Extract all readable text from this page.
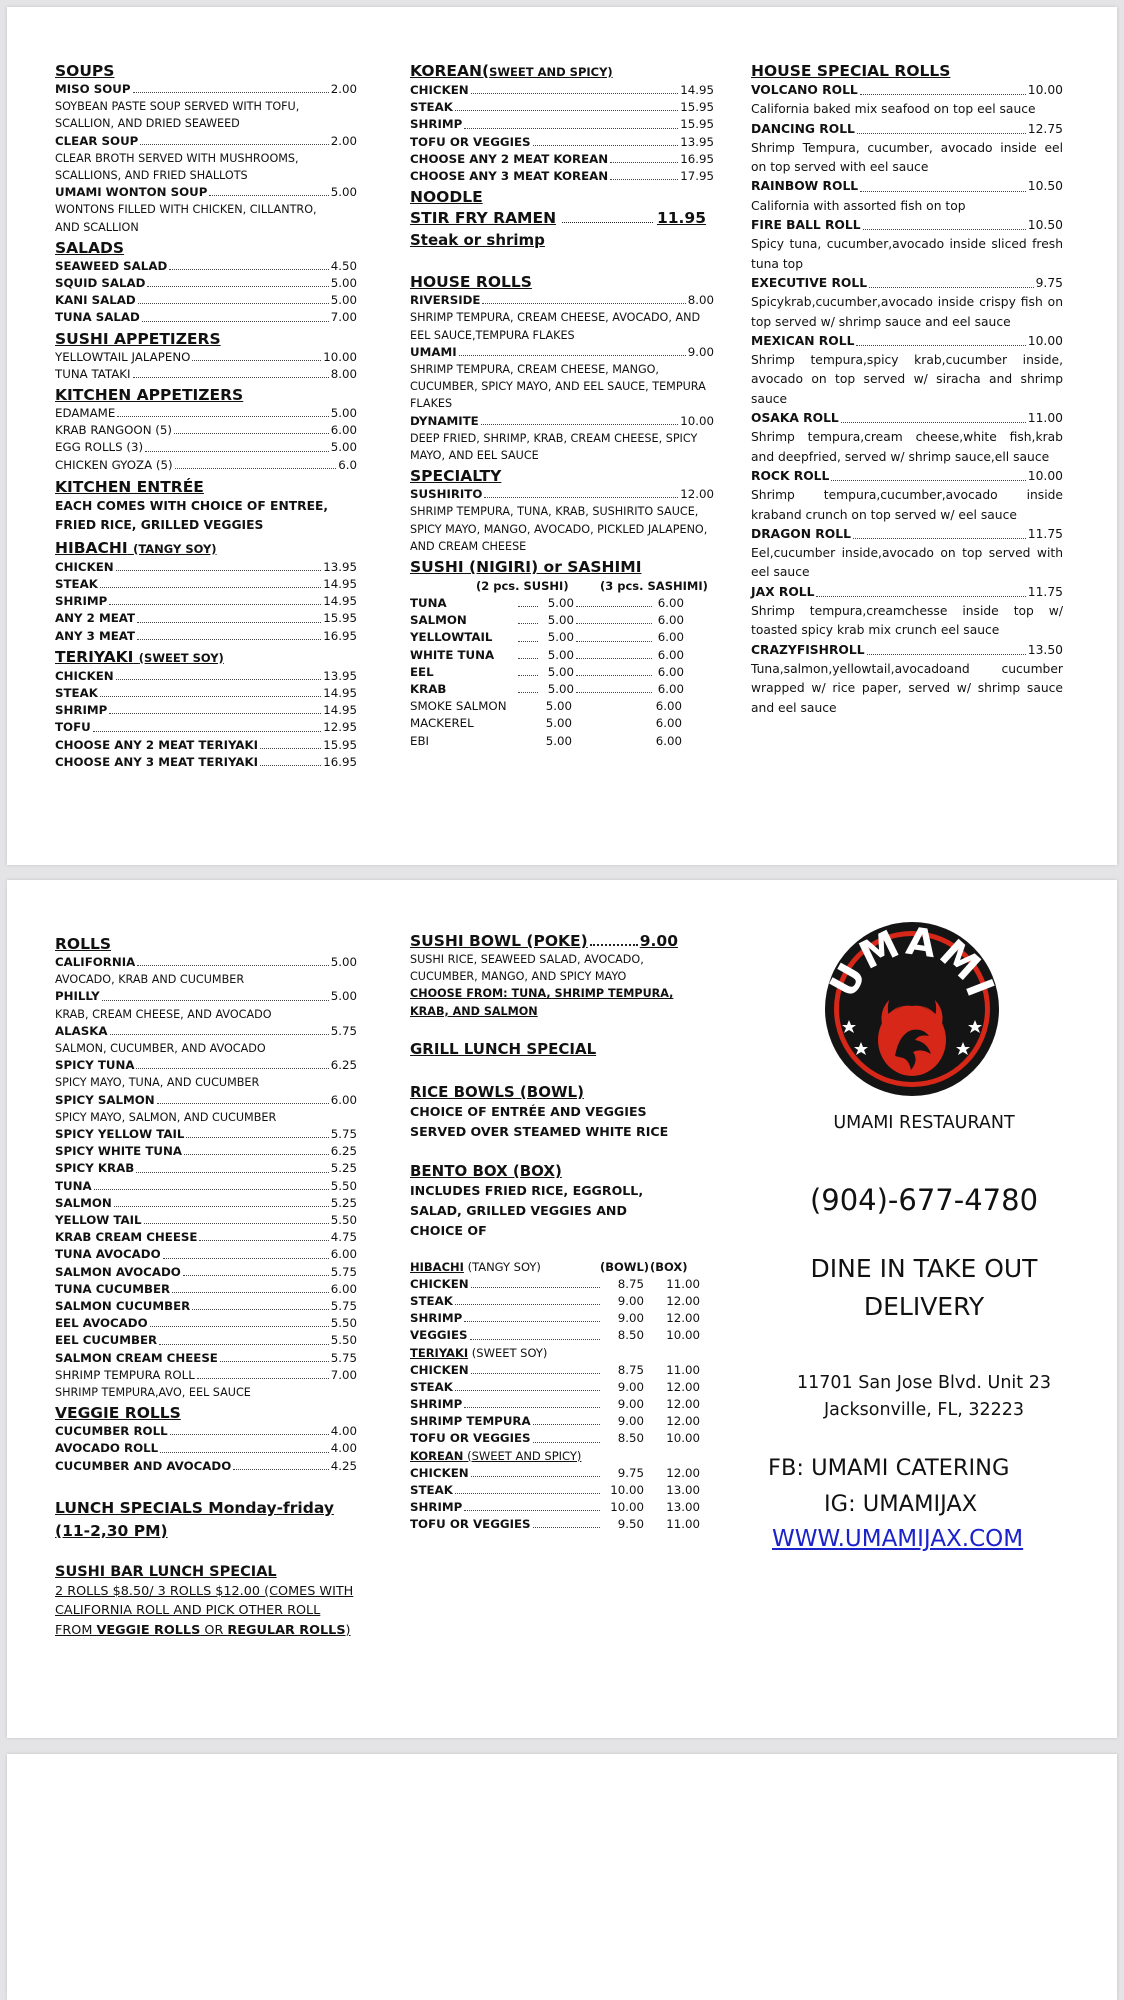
SOUPS
MISO SOUP	2.00
SOYBEAN PASTE SOUP SERVED WITH TOFU, SCALLION, AND DRIED SEAWEED
CLEAR SOUP	2.00
CLEAR BROTH SERVED WITH MUSHROOMS, SCALLIONS, AND FRIED SHALLOTS
UMAMI WONTON SOUP	5.00
WONTONS FILLED WITH CHICKEN, CILLANTRO,
AND SCALLION
SALADS
SEAWEED SALAD	4.50
SQUID SALAD	5.00
KANI SALAD	5.00
TUNA SALAD	7.00
SUSHI APPETIZERS
YELLOWTAIL JALAPENO	10.00
TUNA TATAKI	8.00
KITCHEN APPETIZERS
EDAMAME	5.00
KRAB RANGOON (5)	6.00
EGG ROLLS (3)	5.00
CHICKEN GYOZA (5)	6.0
KITCHEN ENTRÉE
EACH COMES WITH CHOICE OF ENTREE, FRIED RICE, GRILLED VEGGIES
HIBACHI (TANGY SOY)
CHICKEN	13.95
STEAK	14.95
SHRIMP	14.95
ANY 2 MEAT	15.95
ANY 3 MEAT	16.95
TERIYAKI (SWEET SOY)
CHICKEN	13.95
STEAK	14.95
SHRIMP	14.95
TOFU	12.95
CHOOSE ANY 2 MEAT TERIYAKI	15.95
CHOOSE ANY 3 MEAT TERIYAKI	16.95
KOREAN(SWEET AND SPICY)
CHICKEN	14.95
STEAK	15.95
SHRIMP	15.95
TOFU OR VEGGIES	13.95
CHOOSE ANY 2 MEAT KOREAN	16.95
CHOOSE ANY 3 MEAT KOREAN	17.95
NOODLE
STIR FRY RAMEN	11.95
Steak or shrimp
HOUSE ROLLS
RIVERSIDE	8.00
SHRIMP TEMPURA, CREAM CHEESE, AVOCADO, AND EEL SAUCE,TEMPURA FLAKES
UMAMI	9.00
SHRIMP TEMPURA, CREAM CHEESE, MANGO, CUCUMBER, SPICY MAYO, AND EEL SAUCE, TEMPURA FLAKES
DYNAMITE	10.00
DEEP FRIED, SHRIMP, KRAB, CREAM CHEESE, SPICY MAYO, AND EEL SAUCE
SPECIALTY
SUSHIRITO	12.00
SHRIMP TEMPURA, TUNA, KRAB, SUSHIRITO SAUCE, SPICY MAYO, MANGO, AVOCADO, PICKLED JALAPENO, AND CREAM CHEESE
SUSHI (NIGIRI) or SASHIMI
(2 pcs. SUSHI)	(3 pcs. SASHIMI)
TUNA	5.00	6.00
SALMON	5.00	6.00
YELLOWTAIL	5.00	6.00
WHITE TUNA	5.00	6.00
EEL	5.00	6.00
KRAB	5.00	6.00
SMOKE SALMON	5.00	6.00
MACKEREL	5.00	6.00
EBI	5.00	6.00
HOUSE SPECIAL ROLLS
VOLCANO ROLL	10.00
California baked mix seafood on top eel sauce
DANCING ROLL	12.75
Shrimp Tempura, cucumber, avocado inside eel on top served with eel sauce
RAINBOW ROLL	10.50
California with assorted fish on top
FIRE BALL ROLL	10.50
Spicy tuna, cucumber,avocado inside sliced fresh tuna top
EXECUTIVE ROLL	9.75
Spicykrab,cucumber,avocado inside crispy fish on top served w/ shrimp sauce and eel sauce
MEXICAN ROLL	10.00
Shrimp tempura,spicy krab,cucumber inside, avocado on top served w/ siracha and shrimp sauce
OSAKA ROLL	11.00
Shrimp tempura,cream cheese,white fish,krab and deepfried, served w/ shrimp sauce,ell sauce
ROCK ROLL	10.00
Shrimp tempura,cucumber,avocado inside kraband crunch on top served w/ eel sauce
DRAGON ROLL	11.75
Eel,cucumber inside,avocado on top served with eel sauce
JAX ROLL	11.75
Shrimp tempura,creamchesse inside top w/ toasted spicy krab mix crunch eel sauce
CRAZYFISHROLL	13.50
Tuna,salmon,yellowtail,avocadoand cucumber wrapped w/ rice paper, served w/ shrimp sauce and eel sauce
ROLLS
CALIFORNIA	5.00
AVOCADO, KRAB AND CUCUMBER
PHILLY	5.00
KRAB, CREAM CHEESE, AND AVOCADO
ALASKA	5.75
SALMON, CUCUMBER, AND AVOCADO
SPICY TUNA	6.25
SPICY MAYO, TUNA, AND CUCUMBER
SPICY SALMON	6.00
SPICY MAYO, SALMON, AND CUCUMBER
SPICY YELLOW TAIL	5.75
SPICY WHITE TUNA	6.25
SPICY KRAB	5.25
TUNA	5.50
SALMON	5.25
YELLOW TAIL	5.50
KRAB CREAM CHEESE	4.75
TUNA AVOCADO	6.00
SALMON AVOCADO	5.75
TUNA CUCUMBER	6.00
SALMON CUCUMBER	5.75
EEL AVOCADO	5.50
EEL CUCUMBER	5.50
SALMON CREAM CHEESE	5.75
SHRIMP TEMPURA ROLL	7.00
SHRIMP TEMPURA,AVO, EEL SAUCE
VEGGIE ROLLS
CUCUMBER ROLL	4.00
AVOCADO ROLL	4.00
CUCUMBER AND AVOCADO	4.25
LUNCH SPECIALS Monday-friday (11-2,30 PM)
SUSHI BAR LUNCH SPECIAL
2 ROLLS $8.50/ 3 ROLLS $12.00 (COMES WITH CALIFORNIA ROLL AND PICK OTHER ROLL FROM VEGGIE ROLLS OR REGULAR ROLLS)
SUSHI BOWL (POKE)	9.00
SUSHI RICE, SEAWEED SALAD, AVOCADO, CUCUMBER, MANGO, AND SPICY MAYO
CHOOSE FROM: TUNA, SHRIMP TEMPURA, KRAB, AND SALMON
GRILL LUNCH SPECIAL
RICE BOWLS (BOWL)
CHOICE OF ENTRÉE AND VEGGIES SERVED OVER STEAMED WHITE RICE
BENTO BOX (BOX)
INCLUDES FRIED RICE, EGGROLL, SALAD, GRILLED VEGGIES AND CHOICE OF
HIBACHI (TANGY SOY)	(BOWL) (BOX)
CHICKEN	8.75	11.00
STEAK	9.00	12.00
SHRIMP	9.00	12.00
VEGGIES	8.50	10.00
TERIYAKI (SWEET SOY)
CHICKEN	8.75	11.00
STEAK	9.00	12.00
SHRIMP	9.00	12.00
SHRIMP TEMPURA	9.00	12.00
TOFU OR VEGGIES	8.50	10.00
KOREAN (SWEET AND SPICY)
CHICKEN	9.75	12.00
STEAK	10.00	13.00
SHRIMP	10.00	13.00
TOFU OR VEGGIES	9.50	11.00
UMAMI
UMAMI RESTAURANT
(904)-677-4780
DINE IN TAKE OUT
DELIVERY
11701 San Jose Blvd. Unit 23
Jacksonville, FL, 32223
FB: UMAMI CATERING
IG: UMAMIJAX
WWW.UMAMIJAX.COM
